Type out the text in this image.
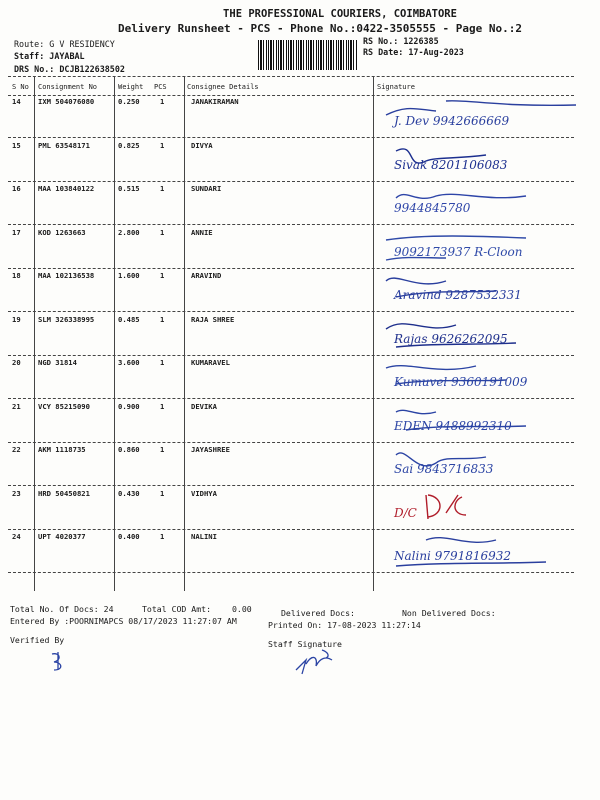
THE PROFESSIONAL COURIERS, COIMBATORE
Delivery Runsheet - PCS - Phone No.:0422-3505555 - Page No.:2
Route: G V RESIDENCY
Staff: JAYABAL
DRS No.: DCJB122638502
RS No.: 1226385
RS Date: 17-Aug-2023
S No Consignment No	Weight PCS	Consignee Details	Signature
14 IXM 504076080	0.250	1	JANAKIRAMAN
J. Dev 9942666669
15 PML 63548171	0.825	1	DIVYA
Sivak 8201106083
16 MAA 103840122	0.515	1	SUNDARI
9944845780
17 KOD 1263663	2.800	1	ANNIE
9092173937 R-Cloon
18 MAA 102136538	1.600	1	ARAVIND
Aravind 9287532331
19 SLM 326338995	0.485	1	RAJA SHREE
Rajas 9626262095
20 NGD 31814	3.600	1	KUMARAVEL
Kumuvel 9360191009
21 VCY 85215090	0.900	1	DEVIKA
EDEN 9488992310
22 AKM 1118735	0.860	1	JAYASHREE
Sai 9843716833
23 HRD 50450821	0.430	1	VIDHYA
D/C
24 UPT 4020377	0.400	1	NALINI
Nalini 9791816932
Total No. Of Docs: 24	Total COD Amt:	0.00	Delivered Docs:	Non Delivered Docs:
Entered By :POORNIMAPCS 08/17/2023 11:27:07 AM	Printed On: 17-08-2023 11:27:14
Verified By	Staff Signature
